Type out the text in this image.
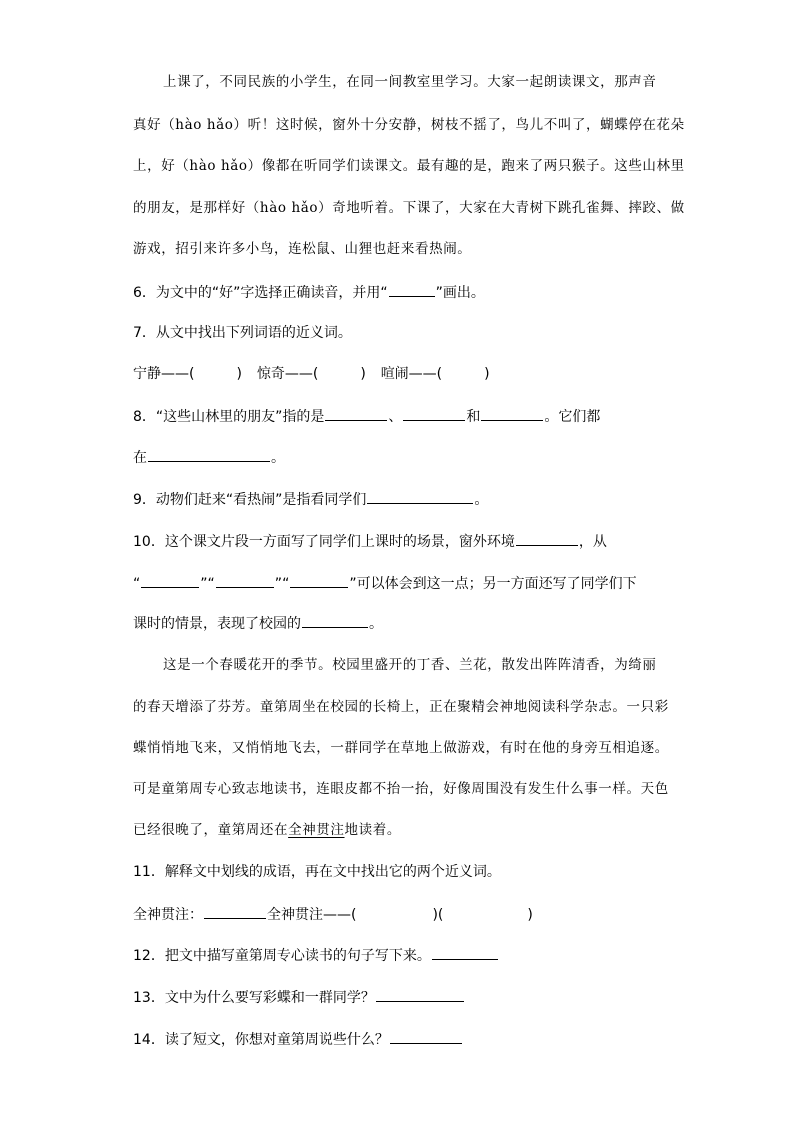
上课了，不同民族的小学生，在同一间教室里学习。大家一起朗读课文，那声音
真好（hào hǎo）听！这时候，窗外十分安静，树枝不摇了，鸟儿不叫了，蝴蝶停在花朵
上，好（hào hǎo）像都在听同学们读课文。最有趣的是，跑来了两只猴子。这些山林里
的朋友，是那样好（hào hǎo）奇地听着。下课了，大家在大青树下跳孔雀舞、摔跤、做
游戏，招引来许多小鸟，连松鼠、山狸也赶来看热闹。
6．为文中的“好”字选择正确读音，并用“	”画出。
7．从文中找出下列词语的近义词。
宁静——(	) 惊奇——(	) 喧闹——(	)
8．“这些山林里的朋友”指的是	、	和	。它们都
在	。
9．动物们赶来“看热闹”是指看同学们	。
10．这个课文片段一方面写了同学们上课时的场景，窗外环境	，从
“	”“	”“	”可以体会到这一点；另一方面还写了同学们下
课时的情景，表现了校园的	。
这是一个春暖花开的季节。校园里盛开的丁香、兰花，散发出阵阵清香，为绮丽
的春天增添了芬芳。童第周坐在校园的长椅上，正在聚精会神地阅读科学杂志。一只彩
蝶悄悄地飞来，又悄悄地飞去，一群同学在草地上做游戏，有时在他的身旁互相追逐。
可是童第周专心致志地读书，连眼皮都不抬一抬，好像周围没有发生什么事一样。天色
已经很晚了，童第周还在全神贯注地读着。
11．解释文中划线的成语，再在文中找出它的两个近义词。
全神贯注：	全神贯注——(	)(	)
12．把文中描写童第周专心读书的句子写下来。
13．文中为什么要写彩蝶和一群同学？
14．读了短文，你想对童第周说些什么？
